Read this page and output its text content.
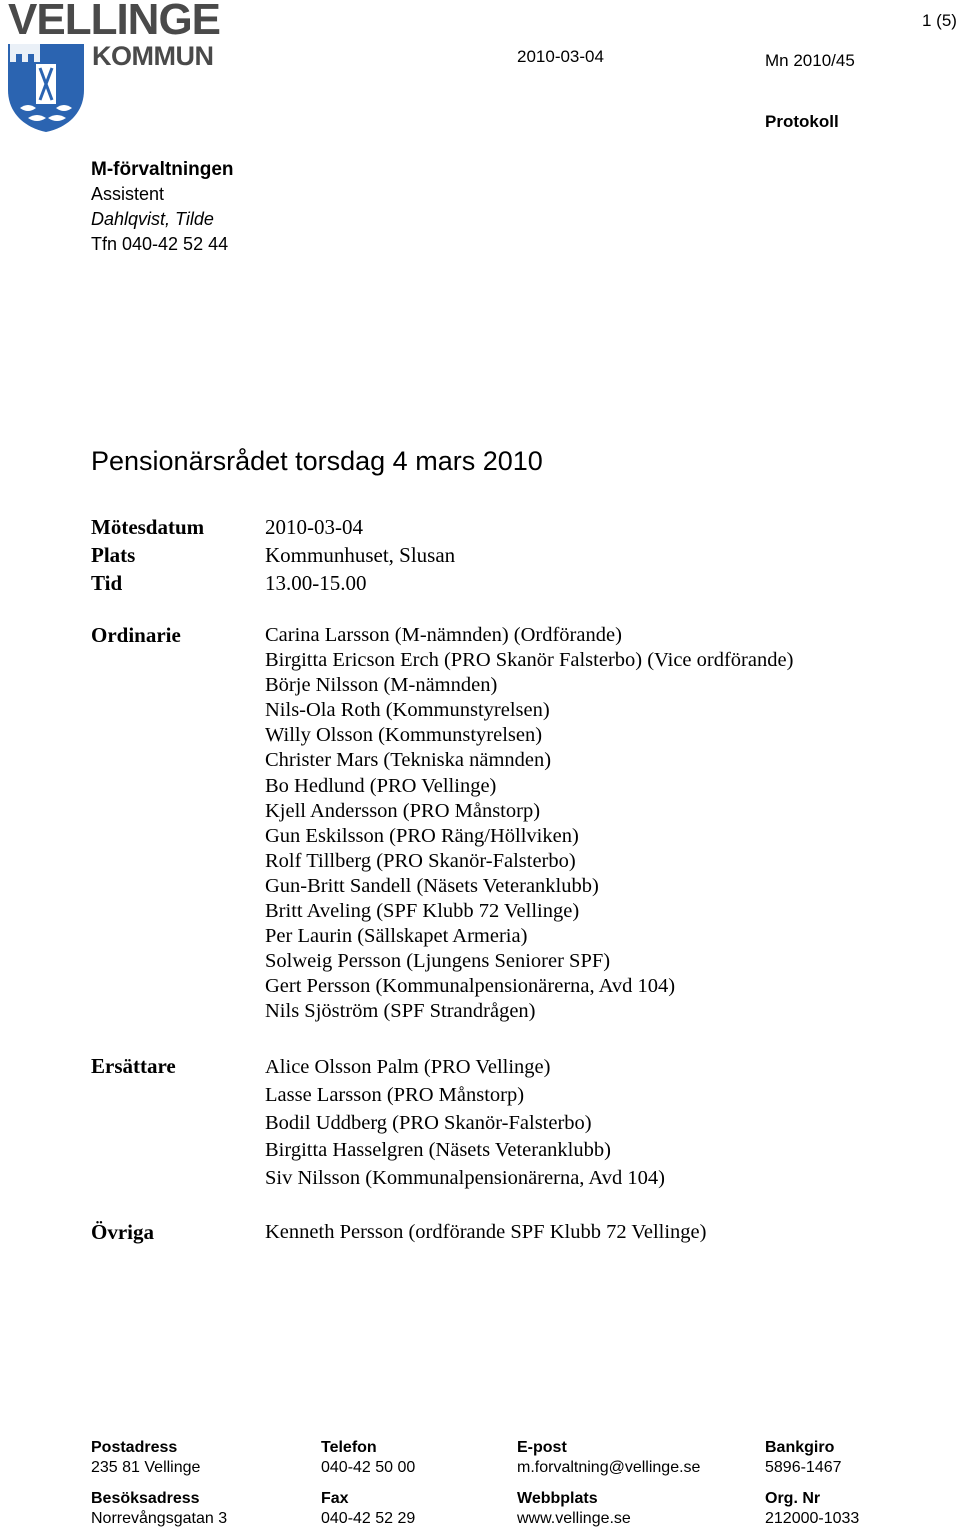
VELLINGE
KOMMUN
1 (5)
2010-03-04	Mn 2010/45
Protokoll
M-förvaltningen
Assistent
Dahlqvist, Tilde
Tfn 040-42 52 44
Pensionärsrådet torsdag 4 mars 2010
Mötesdatum	2010-03-04
Plats	Kommunhuset, Slusan
Tid	13.00-15.00
Ordinarie	Carina Larsson (M-nämnden) (Ordförande)
Birgitta Ericson Erch (PRO Skanör Falsterbo) (Vice ordförande)
Börje Nilsson (M-nämnden)
Nils-Ola Roth (Kommunstyrelsen)
Willy Olsson (Kommunstyrelsen)
Christer Mars (Tekniska nämnden)
Bo Hedlund (PRO Vellinge)
Kjell Andersson (PRO Månstorp)
Gun Eskilsson (PRO Räng/Höllviken)
Rolf Tillberg (PRO Skanör-Falsterbo)
Gun-Britt Sandell (Näsets Veteranklubb)
Britt Aveling (SPF Klubb 72 Vellinge)
Per Laurin (Sällskapet Armeria)
Solweig Persson (Ljungens Seniorer SPF)
Gert Persson (Kommunalpensionärerna, Avd 104)
Nils Sjöström (SPF Strandrågen)
Ersättare	Alice Olsson Palm (PRO Vellinge)
Lasse Larsson (PRO Månstorp)
Bodil Uddberg (PRO Skanör-Falsterbo)
Birgitta Hasselgren (Näsets Veteranklubb)
Siv Nilsson (Kommunalpensionärerna, Avd 104)
Övriga	Kenneth Persson (ordförande SPF Klubb 72 Vellinge)
Postadress
235 81 Vellinge
Telefon
040-42 50 00
E-post
m.forvaltning@vellinge.se
Bankgiro
5896-1467
Besöksadress
Norrevångsgatan 3
Fax
040-42 52 29
Webbplats
www.vellinge.se
Org. Nr
212000-1033
